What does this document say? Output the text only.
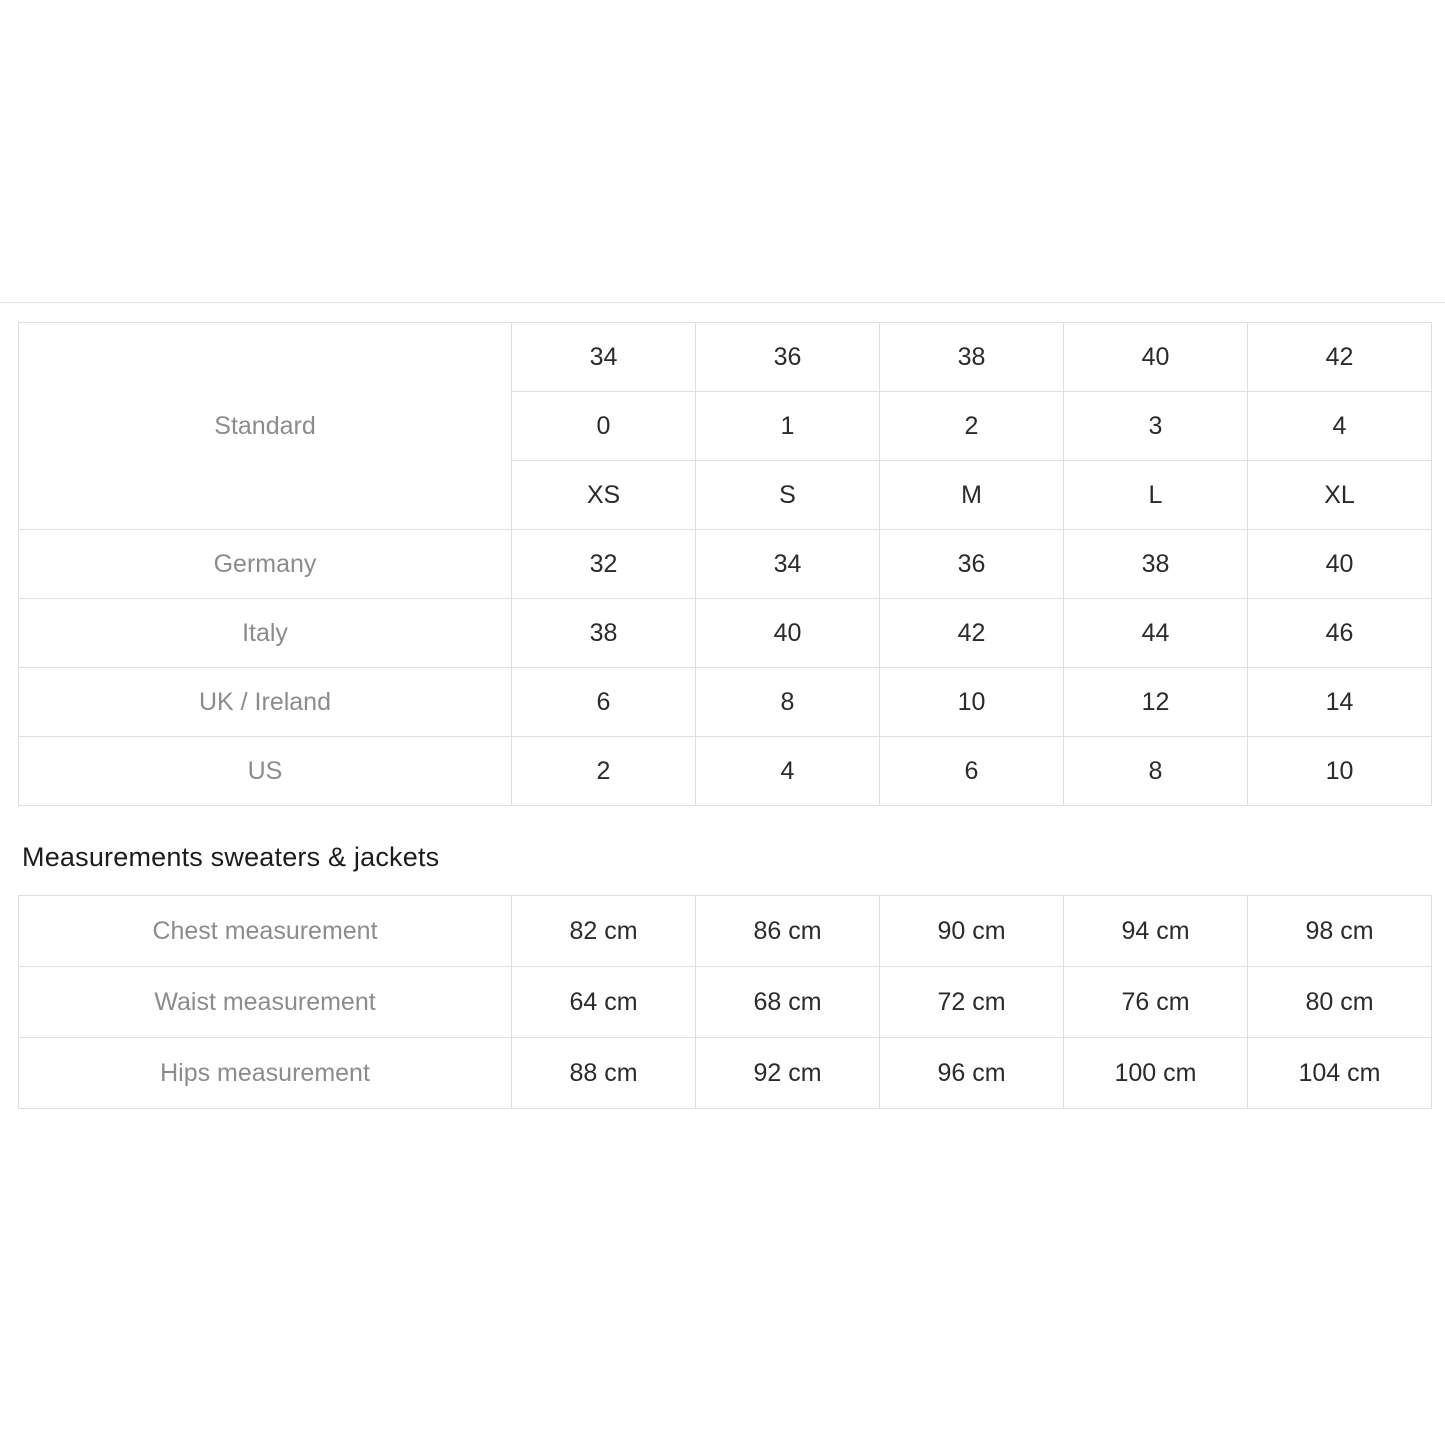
Standard	34	36	38	40	42
	0	1	2	3	4
	XS	S	M	L	XL
Germany	32	34	36	38	40
Italy	38	40	42	44	46
UK / Ireland	6	8	10	12	14
US	2	4	6	8	10
Measurements sweaters & jackets
Chest measurement	82 cm	86 cm	90 cm	94 cm	98 cm
Waist measurement	64 cm	68 cm	72 cm	76 cm	80 cm
Hips measurement	88 cm	92 cm	96 cm	100 cm	104 cm
